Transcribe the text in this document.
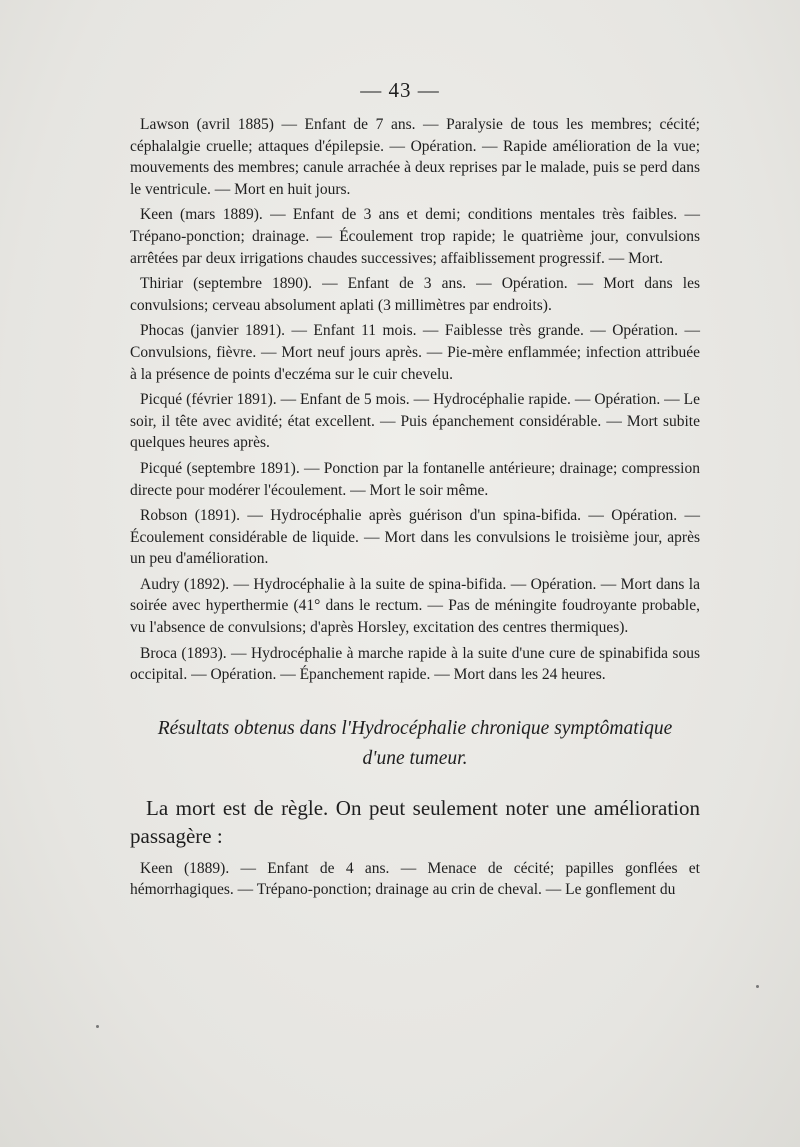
— 43 —

Lawson (avril 1885) — Enfant de 7 ans. — Paralysie de tous les membres; cécité; céphalalgie cruelle; attaques d'épilepsie. — Opération. — Rapide amélioration de la vue; mouvements des membres; canule arrachée à deux reprises par le malade, puis se perd dans le ventricule. — Mort en huit jours.

Keen (mars 1889). — Enfant de 3 ans et demi; conditions mentales très faibles. — Trépano-ponction; drainage. — Écoulement trop rapide; le quatrième jour, convulsions arrêtées par deux irrigations chaudes successives; affaiblissement progressif. — Mort.

Thiriar (septembre 1890). — Enfant de 3 ans. — Opération. — Mort dans les convulsions; cerveau absolument aplati (3 millimètres par endroits).

Phocas (janvier 1891). — Enfant 11 mois. — Faiblesse très grande. — Opération. — Convulsions, fièvre. — Mort neuf jours après. — Pie-mère enflammée; infection attribuée à la présence de points d'eczéma sur le cuir chevelu.

Picqué (février 1891). — Enfant de 5 mois. — Hydrocéphalie rapide. — Opération. — Le soir, il tête avec avidité; état excellent. — Puis épanchement considérable. — Mort subite quelques heures après.

Picqué (septembre 1891). — Ponction par la fontanelle antérieure; drainage; compression directe pour modérer l'écoulement. — Mort le soir même.

Robson (1891). — Hydrocéphalie après guérison d'un spina-bifida. — Opération. — Écoulement considérable de liquide. — Mort dans les convulsions le troisième jour, après un peu d'amélioration.

Audry (1892). — Hydrocéphalie à la suite de spina-bifida. — Opération. — Mort dans la soirée avec hyperthermie (41° dans le rectum. — Pas de méningite foudroyante probable, vu l'absence de convulsions; d'après Horsley, excitation des centres thermiques).

Broca (1893). — Hydrocéphalie à marche rapide à la suite d'une cure de spinabifida sous occipital. — Opération. — Épanchement rapide. — Mort dans les 24 heures.

Résultats obtenus dans l'Hydrocéphalie chronique symptômatique
d'une tumeur.

La mort est de règle. On peut seulement noter une amélioration passagère :

Keen (1889). — Enfant de 4 ans. — Menace de cécité; papilles gonflées et hémorrhagiques. — Trépano-ponction; drainage au crin de cheval. — Le gonflement du
